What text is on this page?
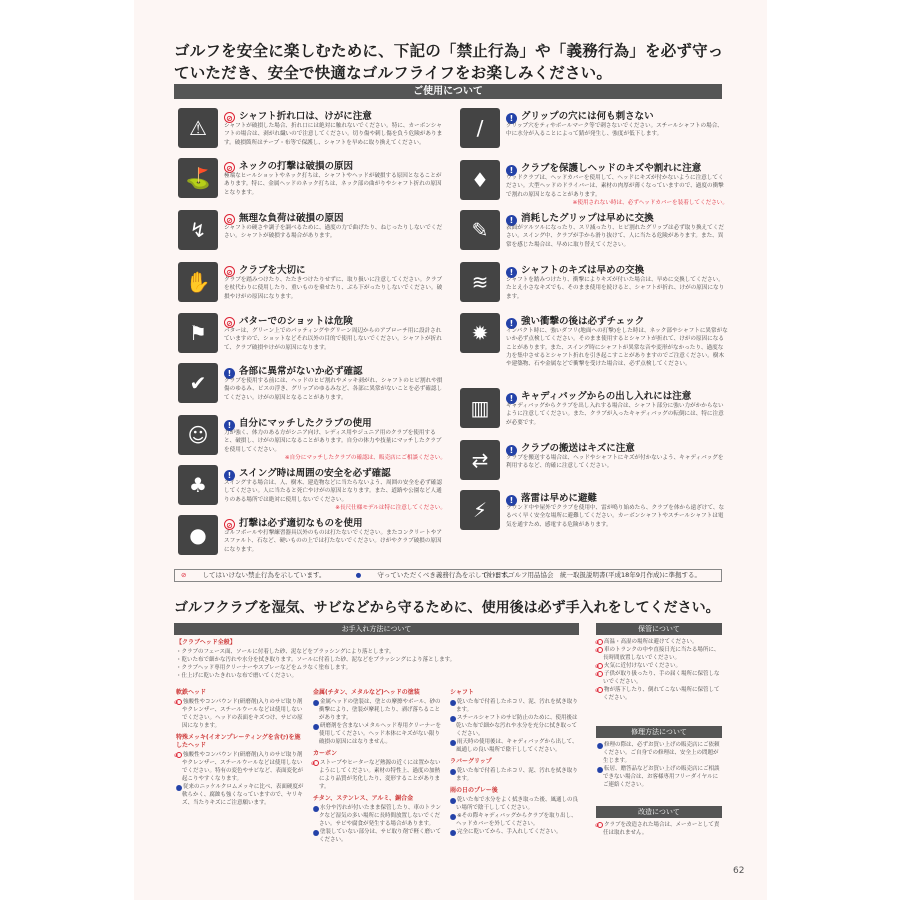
ゴルフを安全に楽しむために、下記の「禁止行為」や「義務行為」を必ず守っていただき、安全で快適なゴルフライフをお楽しみください。
ご使用について
⚠	⊘ シャフト折れ口は、けがに注意
シャフトが破損した場合、折れ口には絶対に触れないでください。特に、カーボンシャフトの場合は、剥がれ繊いので注意してください。切り傷や刺し傷を負う危険があります。破損箇所はテープ・布等で保護し、シャフトを早めに取り換えてください。
⛳	⊘ ネックの打撃は破損の原因
極端なヒールショットやネック打ちは、シャフトやヘッドが破損する原因となることがあります。特に、金属ヘッドのネック打ちは、ネック部の曲がりやシャフト折れの原因となります。
↯	⊘ 無理な負荷は破損の原因
シャフトの硬さや調子を調べるために、過度の力で曲げたり、ねじったりしないでください。シャフトが破損する場合があります。
✋	⊘ クラブを大切に
クラブを踏みつけたり、たたきつけたりせずに、取り扱いに注意してください。クラブを杖代わりに使用したり、重いものを乗せたり、ぶら下がったりしないでください。破損やけがの原因になります。
⚑	⊘ パターでのショットは危険
パターは、グリーン上でのパッティングやグリーン周辺からのアプローチ用に設計されていますので、ショットなどそれ以外の目的で使用しないでください。シャフトが折れて、クラブ破損やけがの原因になります。
✔	! 各部に異常がないか必ず確認
クラブを使用する前には、ヘッドのヒビ割れやメッキ剥がれ、シャフトのヒビ割れや損傷のゆるみ、ビスの浮き、グリップのゆるみなど、各部に異常がないことを必ず確認してください。けがの原因となることがあります。
☺	! 自分にマッチしたクラブの使用
力が強く、体力のある方がシニア向け、レディス用やジュニア用のクラブを使用すると、破損し、けがの原因になることがあります。自分の体力や技量にマッチしたクラブを使用してください。
※自分にマッチしたクラブの確認は、販売店にご相談ください。
♣	! スイング時は周囲の安全を必ず確認
スイングする場合は、人、樹木、建造物などに当たらないよう、周囲の安全を必ず確認してください。人に当たると死亡やけがの原因となります。また、道路や公園など人通りのある場所では絶対に使用しないでください。
※長尺仕様モデルは特に注意してください。
●	⊘ 打撃は必ず適切なものを使用
ゴルフボールや打撃練習器具以外のものは打たないでください。またコンクリートやアスファルト、石など、硬いものの上では打たないでください。けがやクラブ破損の原因になります。
/	! グリップの穴には何も刺さない
グリップ穴をティやボールマーク等で刺さないでください。スチールシャフトの場合、中に水分が入ることによって錆が発生し、強度が低下します。
♦	! クラブを保護しヘッドのキズや割れに注意
ウッドクラブは、ヘッドカバーを使用して、ヘッドにキズが付かないように注意してください。大型ヘッドのドライバーは、素材の肉厚が薄くなっていますので、過度の衝撃で割れの原因となることがあります。
※使用されない時は、必ずヘッドカバーを装着してください。
✎	! 消耗したグリップは早めに交換
表面がツルツルになったり、スリ減ったり、ヒビ割れたグリップは必ず取り換えてください。スイング中、クラブが手から滑り抜けて、人に当たる危険があります。また、異常を感じた場合は、早めに取り替えてください。
≋	! シャフトのキズは早めの交換
シャフトを踏みつけたり、衝撃によりキズが付いた場合は、早めに交換してください。たとえ小さなキズでも、そのまま使用を続けると、シャフトが折れ、けがの原因になります。
✹	! 強い衝撃の後は必ずチェック
インパクト時に、強いダフリ(地面への打撃)をした時は、ネック部やシャフトに異常がないか必ず点検してください。そのまま使用するとシャフトが折れて、けがの原因になることがあります。また、スイング時にシャフトが異常な音や変形がなかったり、過度な力を集中させるとシャフト折れを引き起こすことがありますのでご注意ください。樹木や建築物、石や金属などで衝撃を受けた場合は、必ず点検してください。
▥	! キャディバッグからの出し入れには注意
キャディバッグからクラブを出し入れする場合は、シャフト部分に強い力がかからないように注意してください。また、クラブが入ったキャディバッグの転倒には、特に注意が必要です。
⇄	! クラブの搬送はキズに注意
クラブを搬送する場合は、ヘッドやシャフトにキズが付かないよう、キャディバッグを利用するなど、的確に注意してください。
⚡	! 落雷は早めに避難
ラウンド中や屋外でクラブを使用中、雷が鳴り始めたら、クラブを体から遠ざけて、なるべく早く安全な場所に避難してください。カーボンシャフトやスチールシャフトは電気を通すため、感電する危険があります。
⊘ してはいけない禁止行為を示しています。	● 守っていただくべき義務行為を示しています。
(社)日本ゴルフ用品協会　統一取扱説明書(平成18年9月作成)に準拠する。
ゴルフクラブを湿気、サビなどから守るために、使用後は必ず手入れをしてください。
お手入れ方法について	保管について
【クラブヘッド全般】
・クラブのフェース面、ソールに付着した砂、泥などをブラッシングにより落とします。
・乾いた布で細かな汚れや水分を拭き取ります。ソールに付着した砂、泥などをブラッシングにより落とします。
・クラブヘッド専用クリーナーやスプレーなどをムラなく塗布します。
・仕上げに乾いたきれいな布で磨いてください。
軟鉄ヘッド
⊘ 強酸性やコンパウンド(研磨剤)入りのサビ取り剤やクレンザー、スチールウールなどは使用しないでください。ヘッドの表面をキズつけ、サビの原因になります。
特殊メッキ(イオンプレーティングを含む)を施したヘッド
⊘ 強酸性やコンパウンド(研磨剤)入りのサビ取り剤やクレンザー、スチールウールなどは使用しないでください。特有の変色やサビなど、表面変化が起こりやすくなります。
! 従来のニッケルクロムメッキに比べ、表面硬度が軟らかく、腐蝕も強くなっていますので、ヤリキズ、当たりキズにご注意願います。
金属(チタン、メタルなど)ヘッドの塗装
! 金属ヘッドの塗装は、塗との摩擦やボール、砂の衝撃により、塗装が摩耗したり、剥げ落ちることがあります。
! 研磨剤を含まないメタルヘッド専用クリーナーを使用してください。ヘッド本体にキズがない限り破損の原因にはなりません。
カーボン
⊘ ストーブやヒーターなど熱源の近くには置かないようにしてください。素材の特性上、過度の加熱により品質が劣化したり、変形することがあります。
チタン、ステンレス、アルミ、銅合金
! 水分や汚れが付いたまま保管したり、車のトランクなど湿気の多い場所に長時間放置しないでください。サビや腐食が発生する場合があります。
! 塗装していない部分は、サビ取り剤で軽く磨いてください。
シャフト
! 乾いた布で付着したホコリ、泥、汚れを拭き取ります。
! スチールシャフトのサビ防止のために、使用後は乾いた布で細かな汚れや水分を充分に拭き取ってください。
! 雨天時の使用後は、キャディバッグから出して、風通しの良い場所で陰干ししてください。
ラバーグリップ
! 乾いた布で付着したホコリ、泥、汚れを拭き取ります。
雨の日のプレー後
! 乾いた布で水分をよく拭き取った後、風通しの良い場所で陰干ししてください。
! ※その際キャディバッグからクラブを取り出し、ヘッドカバーを外してください。
! 完全に乾いてから、手入れしてください。
⊘ 高温・高湿の場所は避けてください。
⊘ 車のトランクの中や直接日光に当たる場所に、長時間放置しないでください。
⊘ 火気に近付けないでください。
⊘ 子供が取り扱ったり、手の届く場所に保管しないでください。
⊘ 物が落下したり、倒れてこない場所に保管してください。
修理方法について
! 修理の際は、必ずお買い上げの販売店にご依頼ください。ご自身での修理は、安全上の問題が生じます。
! 転居、贈答品などお買い上げの販売店にご相談できない場合は、お客様専用フリーダイヤルにご連絡ください。
改造について
⊘ クラブを改造された場合は、メーカーとして責任は取れません。
62
